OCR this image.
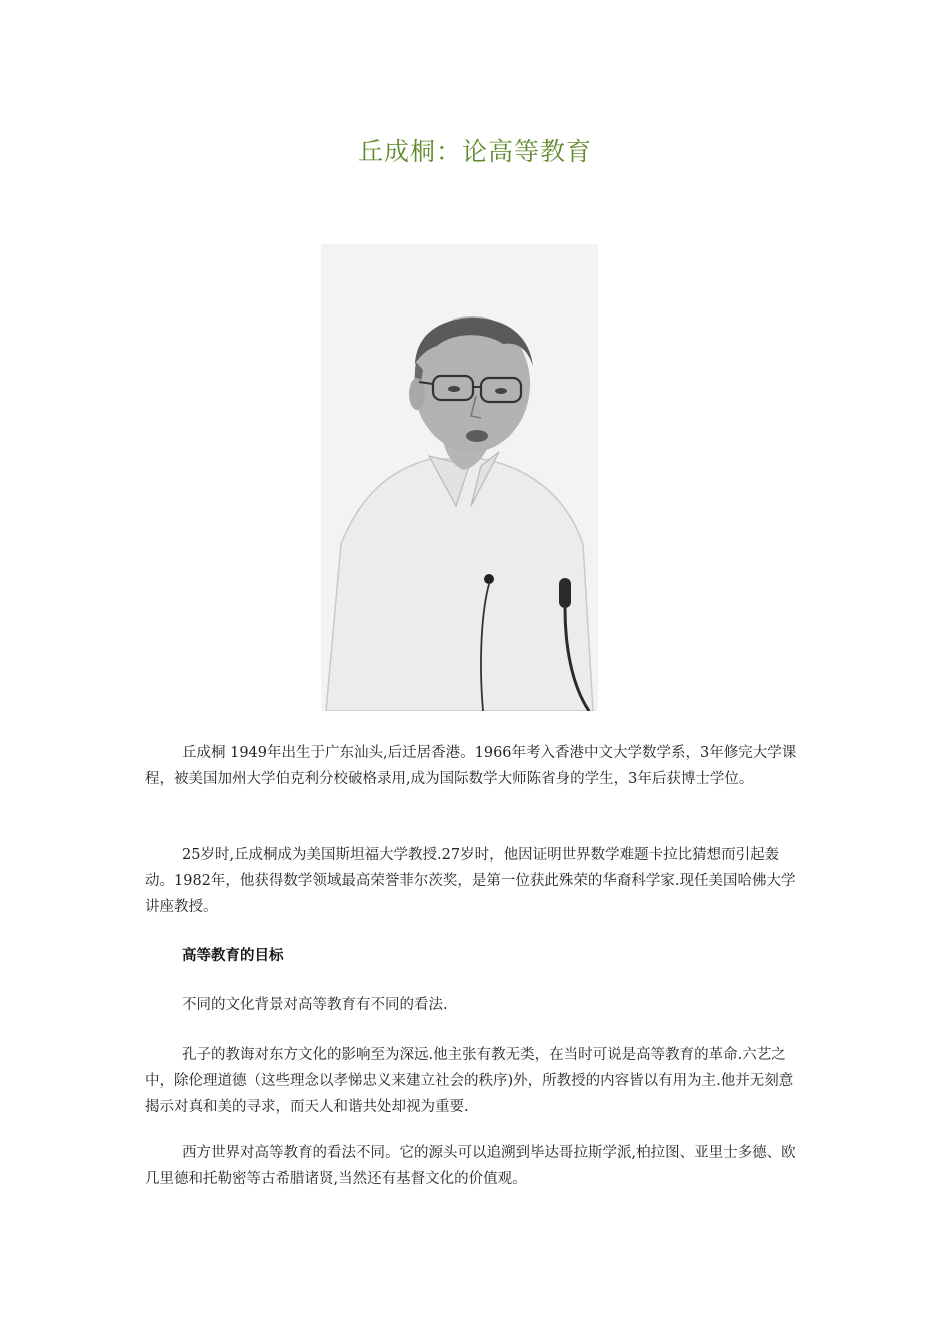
丘成桐：论高等教育

丘成桐 1949年出生于广东汕头,后迁居香港。1966年考入香港中文大学数学系，3年修完大学课程，被美国加州大学伯克利分校破格录用,成为国际数学大师陈省身的学生，3年后获博士学位。

25岁时,丘成桐成为美国斯坦福大学教授.27岁时，他因证明世界数学难题卡拉比猜想而引起轰动。1982年，他获得数学领域最高荣誉菲尔茨奖，是第一位获此殊荣的华裔科学家.现任美国哈佛大学讲座教授。

高等教育的目标

不同的文化背景对高等教育有不同的看法.

孔子的教诲对东方文化的影响至为深远.他主张有教无类，在当时可说是高等教育的革命.六艺之中，除伦理道德（这些理念以孝悌忠义来建立社会的秩序)外，所教授的内容皆以有用为主.他并无刻意揭示对真和美的寻求，而天人和谐共处却视为重要.

西方世界对高等教育的看法不同。它的源头可以追溯到毕达哥拉斯学派,柏拉图、亚里士多德、欧几里德和托勒密等古希腊诸贤,当然还有基督文化的价值观。
